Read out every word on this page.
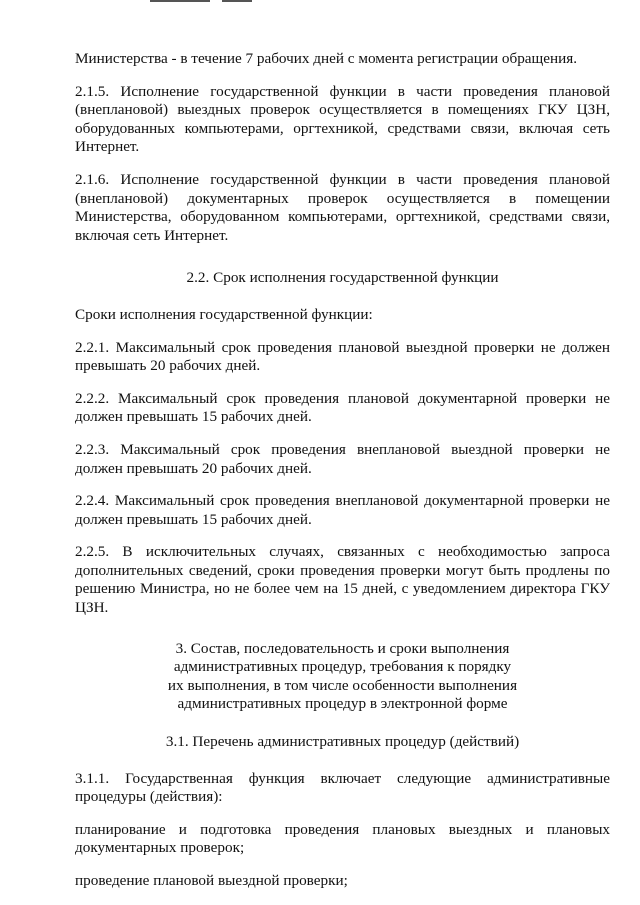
Министерства - в течение 7 рабочих дней с момента регистрации обращения.

2.1.5. Исполнение государственной функции в части проведения плановой (внеплановой) выездных проверок осуществляется в помещениях ГКУ ЦЗН, оборудованных компьютерами, оргтехникой, средствами связи, включая сеть Интернет.

2.1.6. Исполнение государственной функции в части проведения плановой (внеплановой) документарных проверок осуществляется в помещении Министерства, оборудованном компьютерами, оргтехникой, средствами связи, включая сеть Интернет.

2.2. Срок исполнения государственной функции

Сроки исполнения государственной функции:

2.2.1. Максимальный срок проведения плановой выездной проверки не должен превышать 20 рабочих дней.

2.2.2. Максимальный срок проведения плановой документарной проверки не должен превышать 15 рабочих дней.

2.2.3. Максимальный срок проведения внеплановой выездной проверки не должен превышать 20 рабочих дней.

2.2.4. Максимальный срок проведения внеплановой документарной проверки не должен превышать 15 рабочих дней.

2.2.5. В исключительных случаях, связанных с необходимостью запроса дополнительных сведений, сроки проведения проверки могут быть продлены по решению Министра, но не более чем на 15 дней, с уведомлением директора ГКУ ЦЗН.

3. Состав, последовательность и сроки выполнения
административных процедур, требования к порядку
их выполнения, в том числе особенности выполнения
административных процедур в электронной форме

3.1. Перечень административных процедур (действий)

3.1.1. Государственная функция включает следующие административные процедуры (действия):

планирование и подготовка проведения плановых выездных и плановых документарных проверок;

проведение плановой выездной проверки;
